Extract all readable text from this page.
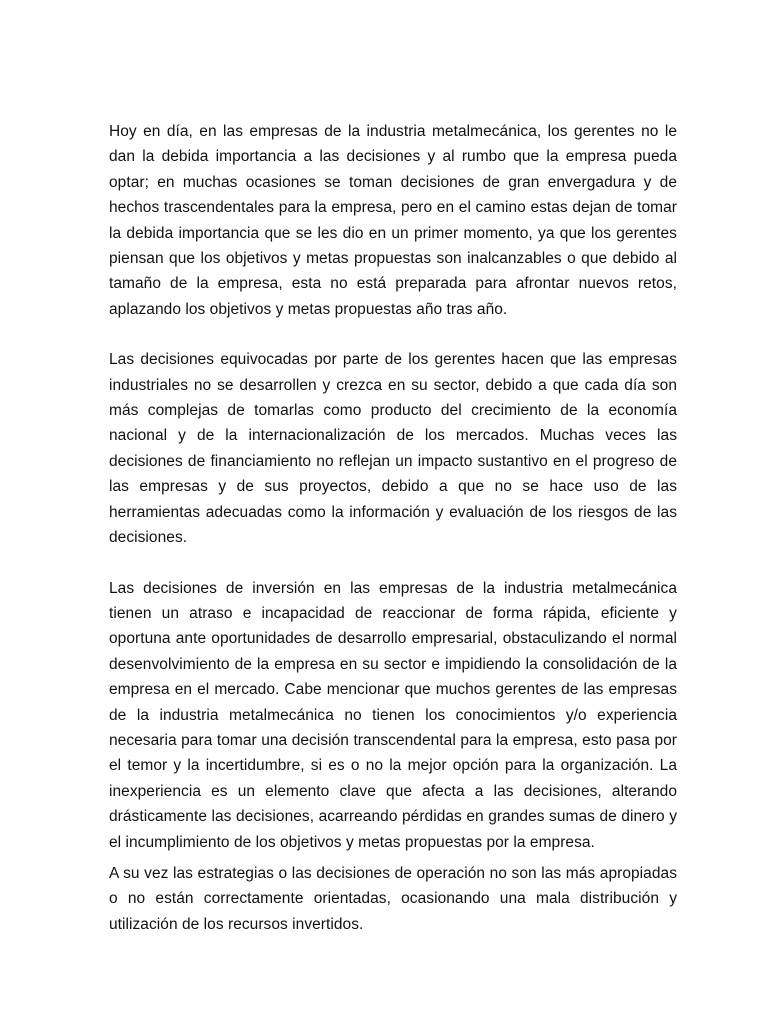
Hoy en día, en las empresas de la industria metalmecánica, los gerentes no le dan la debida importancia a las decisiones y al rumbo que la empresa pueda optar; en muchas ocasiones se toman decisiones de gran envergadura y de hechos trascendentales para la empresa, pero en el camino estas dejan de tomar la debida importancia que se les dio en un primer momento, ya que los gerentes piensan que los objetivos y metas propuestas son inalcanzables o que debido al tamaño de la empresa, esta no está preparada para afrontar nuevos retos, aplazando los objetivos y metas propuestas año tras año.

Las decisiones equivocadas por parte de los gerentes hacen que las empresas industriales no se desarrollen y crezca en su sector, debido a que cada día son más complejas de tomarlas como producto del crecimiento de la economía nacional y de la internacionalización de los mercados. Muchas veces las decisiones de financiamiento no reflejan un impacto sustantivo en el progreso de las empresas y de sus proyectos, debido a que no se hace uso de las herramientas adecuadas como la información y evaluación de los riesgos de las decisiones.

Las decisiones de inversión en las empresas de la industria metalmecánica tienen un atraso e incapacidad de reaccionar de forma rápida, eficiente y oportuna ante oportunidades de desarrollo empresarial, obstaculizando el normal desenvolvimiento de la empresa en su sector e impidiendo la consolidación de la empresa en el mercado. Cabe mencionar que muchos gerentes de las empresas de la industria metalmecánica no tienen los conocimientos y/o experiencia necesaria para tomar una decisión transcendental para la empresa, esto pasa por el temor y la incertidumbre, si es o no la mejor opción para la organización. La inexperiencia es un elemento clave que afecta a las decisiones, alterando drásticamente las decisiones, acarreando pérdidas en grandes sumas de dinero y el incumplimiento de los objetivos y metas propuestas por la empresa.

A su vez las estrategias o las decisiones de operación no son las más apropiadas o no están correctamente orientadas, ocasionando una mala distribución y utilización de los recursos invertidos.
